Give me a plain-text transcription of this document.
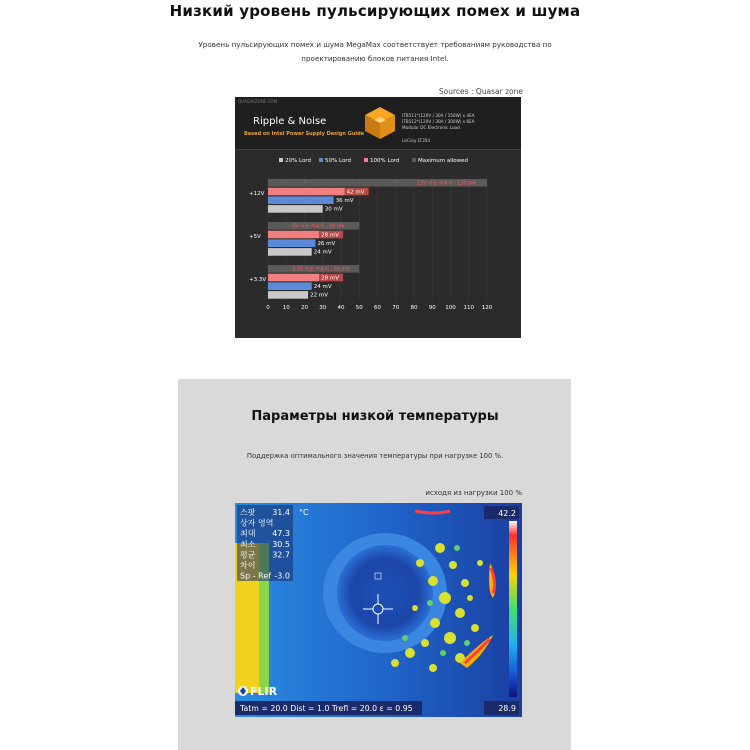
Низкий уровень пульсирующих помех и шума
Уровень пульсирующих помех и шума MegaMax соответствует требованиям руководства по
проектированию блоков питания Intel.
Sources : Quasar zone
QUASARZONE.COM
Ripple & Noise
Based on Intel Power Supply Design Guide
ITB511*(120V / 30A / 150W) x 4EA
ITB512*(120V / 30A / 300W) x 6EA
Modular DC Electronic Load
LeCroy LT354
20% Lord	50% Lord	100% Lord	Maximum allowed
12V 리플 허용치 : 120 mV
42 mV
36 mV
30 mV
5V 리플 허용치 : 50 mV
28 mV
26 mV
24 mV
3.3V 리플 허용치 : 50 mV
28 mV
24 mV
22 mV
0 10 20 30 40 50 60 70 80 90 100 110 120
+12V
+5V
+3.3V
Параметры низкой температуры
Поддержка оптимального значения температуры при нагрузке 100 %.
исходя из нагрузки 100 %
스팟 31.4
상자 영역
최대 47.3
최소 30.5
평균 32.7
차이
Sp - Ref -3.0
°C	42.2
28.9
FLIR
Tatm = 20.0 Dist = 1.0 Trefl = 20.0 ε = 0.95
